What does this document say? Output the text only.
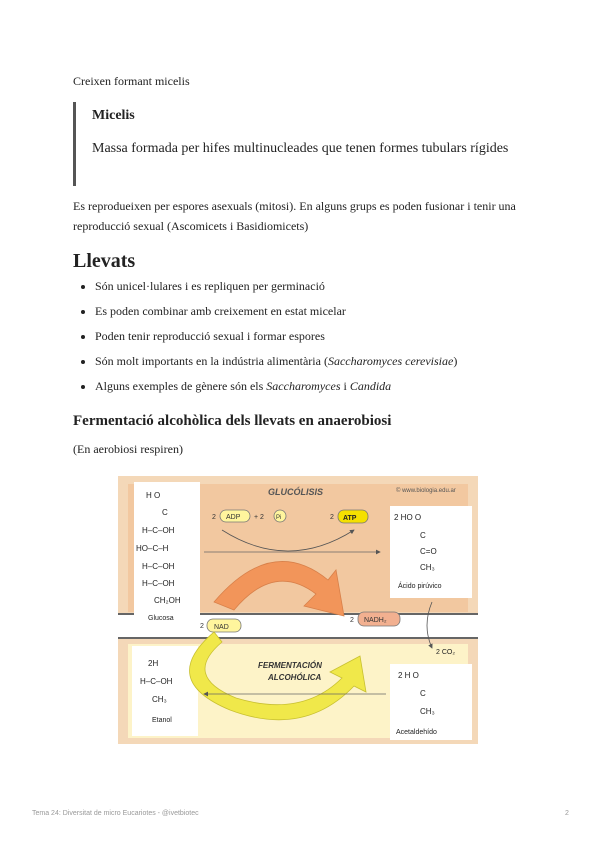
Creixen formant micelis
Micelis
Massa formada per hifes multinucleades que tenen formes tubulars rígides
Es reprodueixen per espores asexuals (mitosi). En alguns grups es poden fusionar i tenir una reproducció sexual (Ascomicets i Basidiomicets)
Llevats
Són unicel·lulares i es repliquen per germinació
Es poden combinar amb creixement en estat micelar
Poden tenir reproducció sexual i formar espores
Són molt importants en la indústria alimentària (Saccharomyces cerevisiae)
Alguns exemples de gènere són els Saccharomyces i Candida
Fermentació alcohòlica dels llevats en anaerobiosi
(En aerobiosi respiren)
GLUCÓLISIS	© www.biologia.edu.ar
2 ADP + 2 Pi	2 ATP
H O
C
H–C–OH
HO–C–H
H–C–OH
H–C–OH
CH₂OH
Glucosa
2 HO O
C
C=O
CH₃
Ácido pirúvico
2 NAD
2 NADH₂
2 CO₂
FERMENTACIÓN
ALCOHÓLICA
2H
H–C–OH
CH₃
Etanol
2 H O
C
CH₃
Acetaldehído
Tema 24: Diversitat de micro Eucariotes - @ivetbiotec	2
